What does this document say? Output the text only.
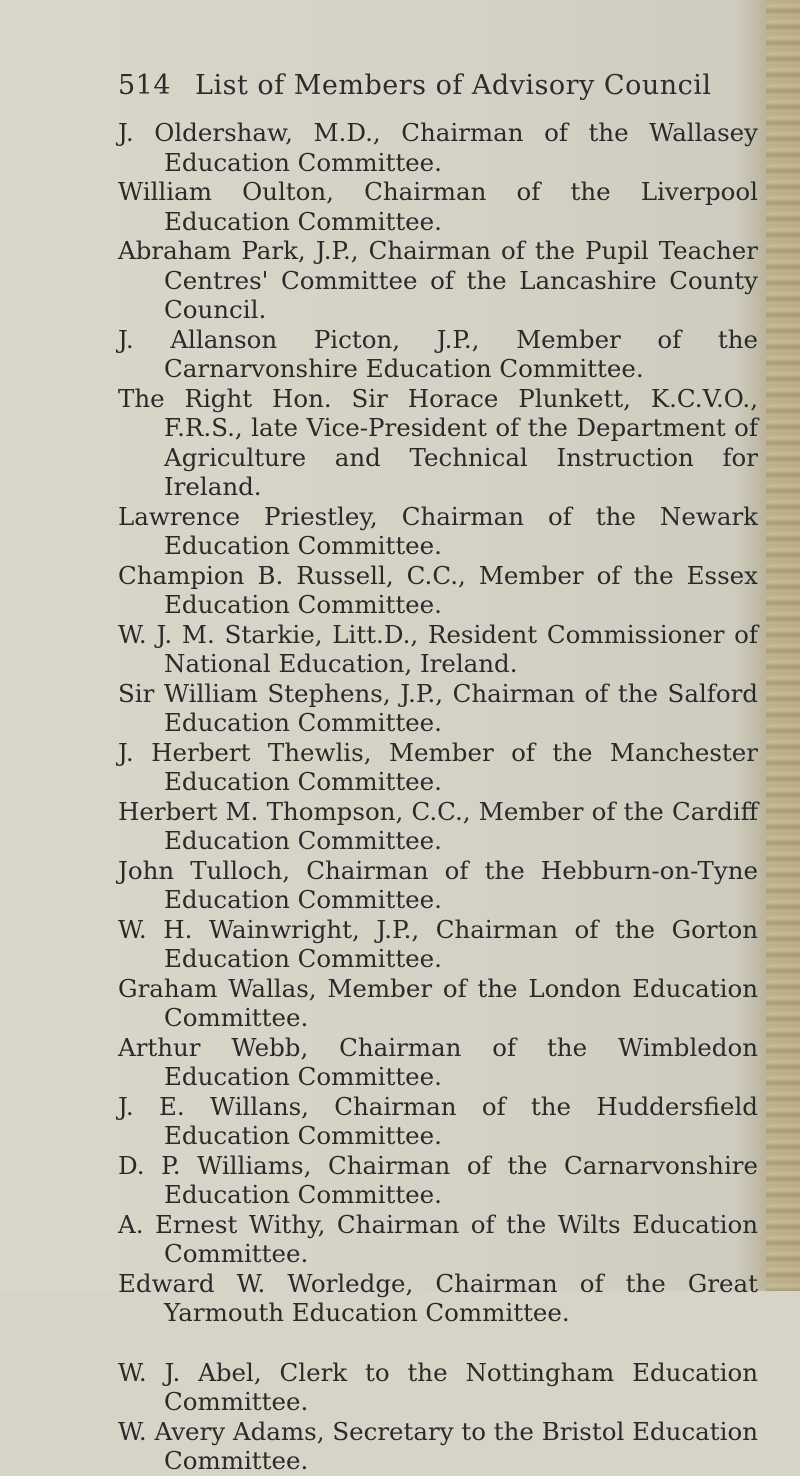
514 List of Members of Advisory Council
J. Oldershaw, M.D., Chairman of the Wallasey Education Committee.
William Oulton, Chairman of the Liverpool Education Committee.
Abraham Park, J.P., Chairman of the Pupil Teacher Centres' Committee of the Lancashire County Council.
J. Allanson Picton, J.P., Member of the Carnarvonshire Education Committee.
The Right Hon. Sir Horace Plunkett, K.C.V.O., F.R.S., late Vice-President of the Department of Agriculture and Technical Instruction for Ireland.
Lawrence Priestley, Chairman of the Newark Education Committee.
Champion B. Russell, C.C., Member of the Essex Education Committee.
W. J. M. Starkie, Litt.D., Resident Commissioner of National Education, Ireland.
Sir William Stephens, J.P., Chairman of the Salford Education Committee.
J. Herbert Thewlis, Member of the Manchester Education Committee.
Herbert M. Thompson, C.C., Member of the Cardiff Education Committee.
John Tulloch, Chairman of the Hebburn-on-Tyne Education Committee.
W. H. Wainwright, J.P., Chairman of the Gorton Education Committee.
Graham Wallas, Member of the London Education Committee.
Arthur Webb, Chairman of the Wimbledon Education Committee.
J. E. Willans, Chairman of the Huddersfield Education Committee.
D. P. Williams, Chairman of the Carnarvonshire Education Committee.
A. Ernest Withy, Chairman of the Wilts Education Committee.
Edward W. Worledge, Chairman of the Great Yarmouth Education Committee.
W. J. Abel, Clerk to the Nottingham Education Committee.
W. Avery Adams, Secretary to the Bristol Education Committee.
